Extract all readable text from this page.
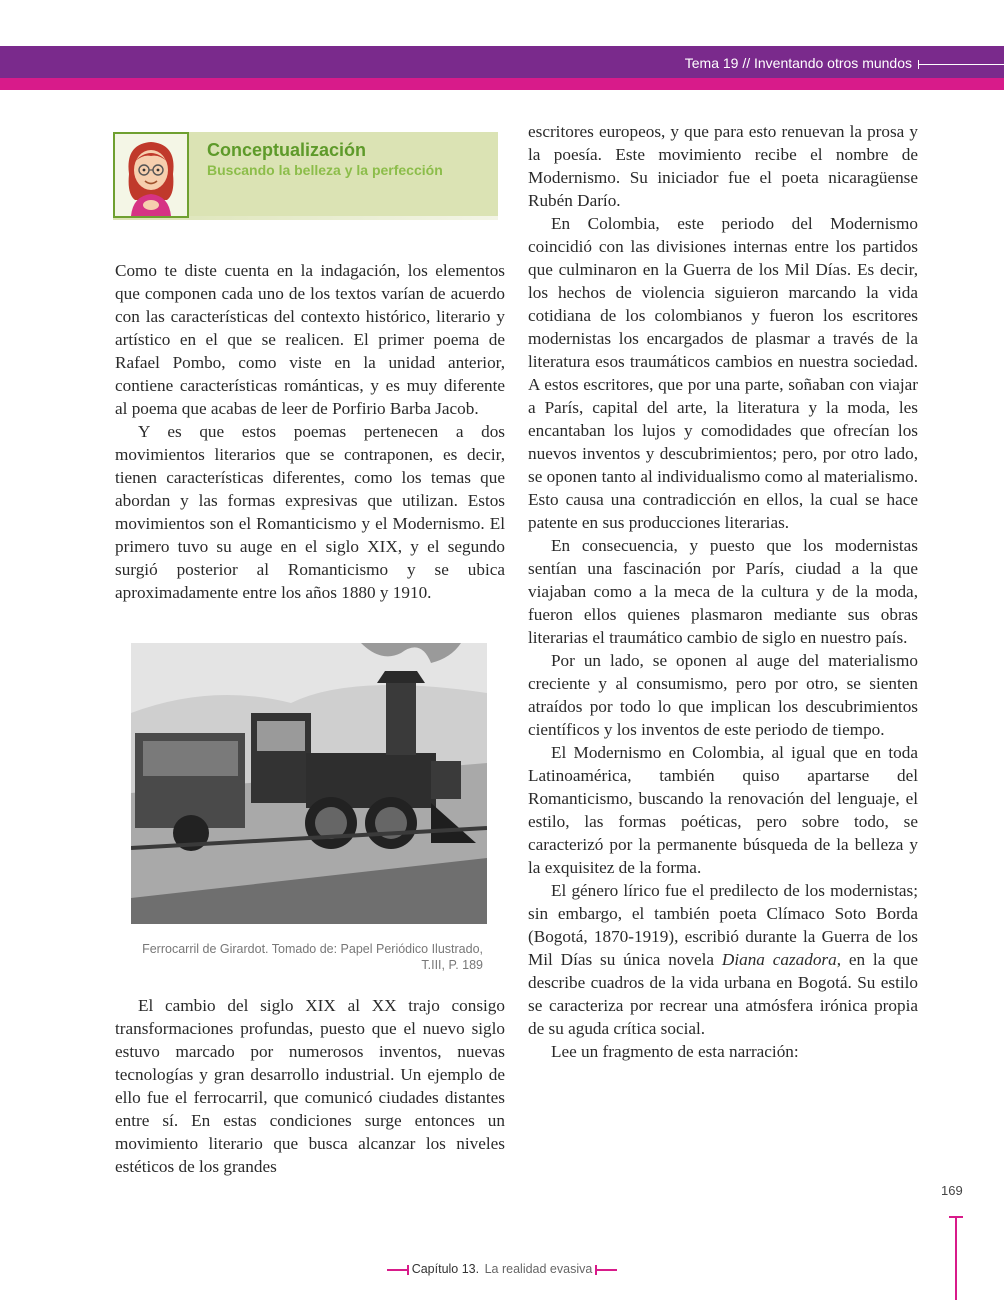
Tema 19 // Inventando otros mundos
Conceptualización
Buscando la belleza y la perfección

Como te diste cuenta en la indagación, los elementos que componen cada uno de los textos varían de acuerdo con las características del contexto histórico, literario y artístico en el que se realicen. El primer poema de Rafael Pombo, como viste en la unidad anterior, contiene características románticas, y es muy diferente al poema que acabas de leer de Porfirio Barba Jacob.

Y es que estos poemas pertenecen a dos movimientos literarios que se contraponen, es decir, tienen características diferentes, como los temas que abordan y las formas expresivas que utilizan. Estos movimientos son el Romanticismo y el Modernismo. El primero tuvo su auge en el siglo XIX, y el segundo surgió posterior al Romanticismo y se ubica aproximadamente entre los años 1880 y 1910.

Ferrocarril de Girardot. Tomado de: Papel Periódico Ilustrado,
T.III, P. 189

El cambio del siglo XIX al XX trajo consigo transformaciones profundas, puesto que el nuevo siglo estuvo marcado por numerosos inventos, nuevas tecnologías y gran desarrollo industrial. Un ejemplo de ello fue el ferrocarril, que comunicó ciudades distantes entre sí. En estas condiciones surge entonces un movimiento literario que busca alcanzar los niveles estéticos de los grandes

escritores europeos, y que para esto renuevan la prosa y la poesía. Este movimiento recibe el nombre de Modernismo. Su iniciador fue el poeta nicaragüense Rubén Darío.

En Colombia, este periodo del Modernismo coincidió con las divisiones internas entre los partidos que culminaron en la Guerra de los Mil Días. Es decir, los hechos de violencia siguieron marcando la vida cotidiana de los colombianos y fueron los escritores modernistas los encargados de plasmar a través de la literatura esos traumáticos cambios en nuestra sociedad. A estos escritores, que por una parte, soñaban con viajar a París, capital del arte, la literatura y la moda, les encantaban los lujos y comodidades que ofrecían los nuevos inventos y descubrimientos; pero, por otro lado, se oponen tanto al individualismo como al materialismo. Esto causa una contradicción en ellos, la cual se hace patente en sus producciones literarias.

En consecuencia, y puesto que los modernistas sentían una fascinación por París, ciudad a la que viajaban como a la meca de la cultura y de la moda, fueron ellos quienes plasmaron mediante sus obras literarias el traumático cambio de siglo en nuestro país.

Por un lado, se oponen al auge del materialismo creciente y al consumismo, pero por otro, se sienten atraídos por todo lo que implican los descubrimientos científicos y los inventos de este periodo de tiempo.

El Modernismo en Colombia, al igual que en toda Latinoamérica, también quiso apartarse del Romanticismo, buscando la renovación del lenguaje, el estilo, las formas poéticas, pero sobre todo, se caracterizó por la permanente búsqueda de la belleza y la exquisitez de la forma.

El género lírico fue el predilecto de los modernistas; sin embargo, el también poeta Clímaco Soto Borda (Bogotá, 1870-1919), escribió durante la Guerra de los Mil Días su única novela Diana cazadora, en la que describe cuadros de la vida urbana en Bogotá. Su estilo se caracteriza por recrear una atmósfera irónica propia de su aguda crítica social.

Lee un fragmento de esta narración:

169
Capítulo 13. La realidad evasiva
